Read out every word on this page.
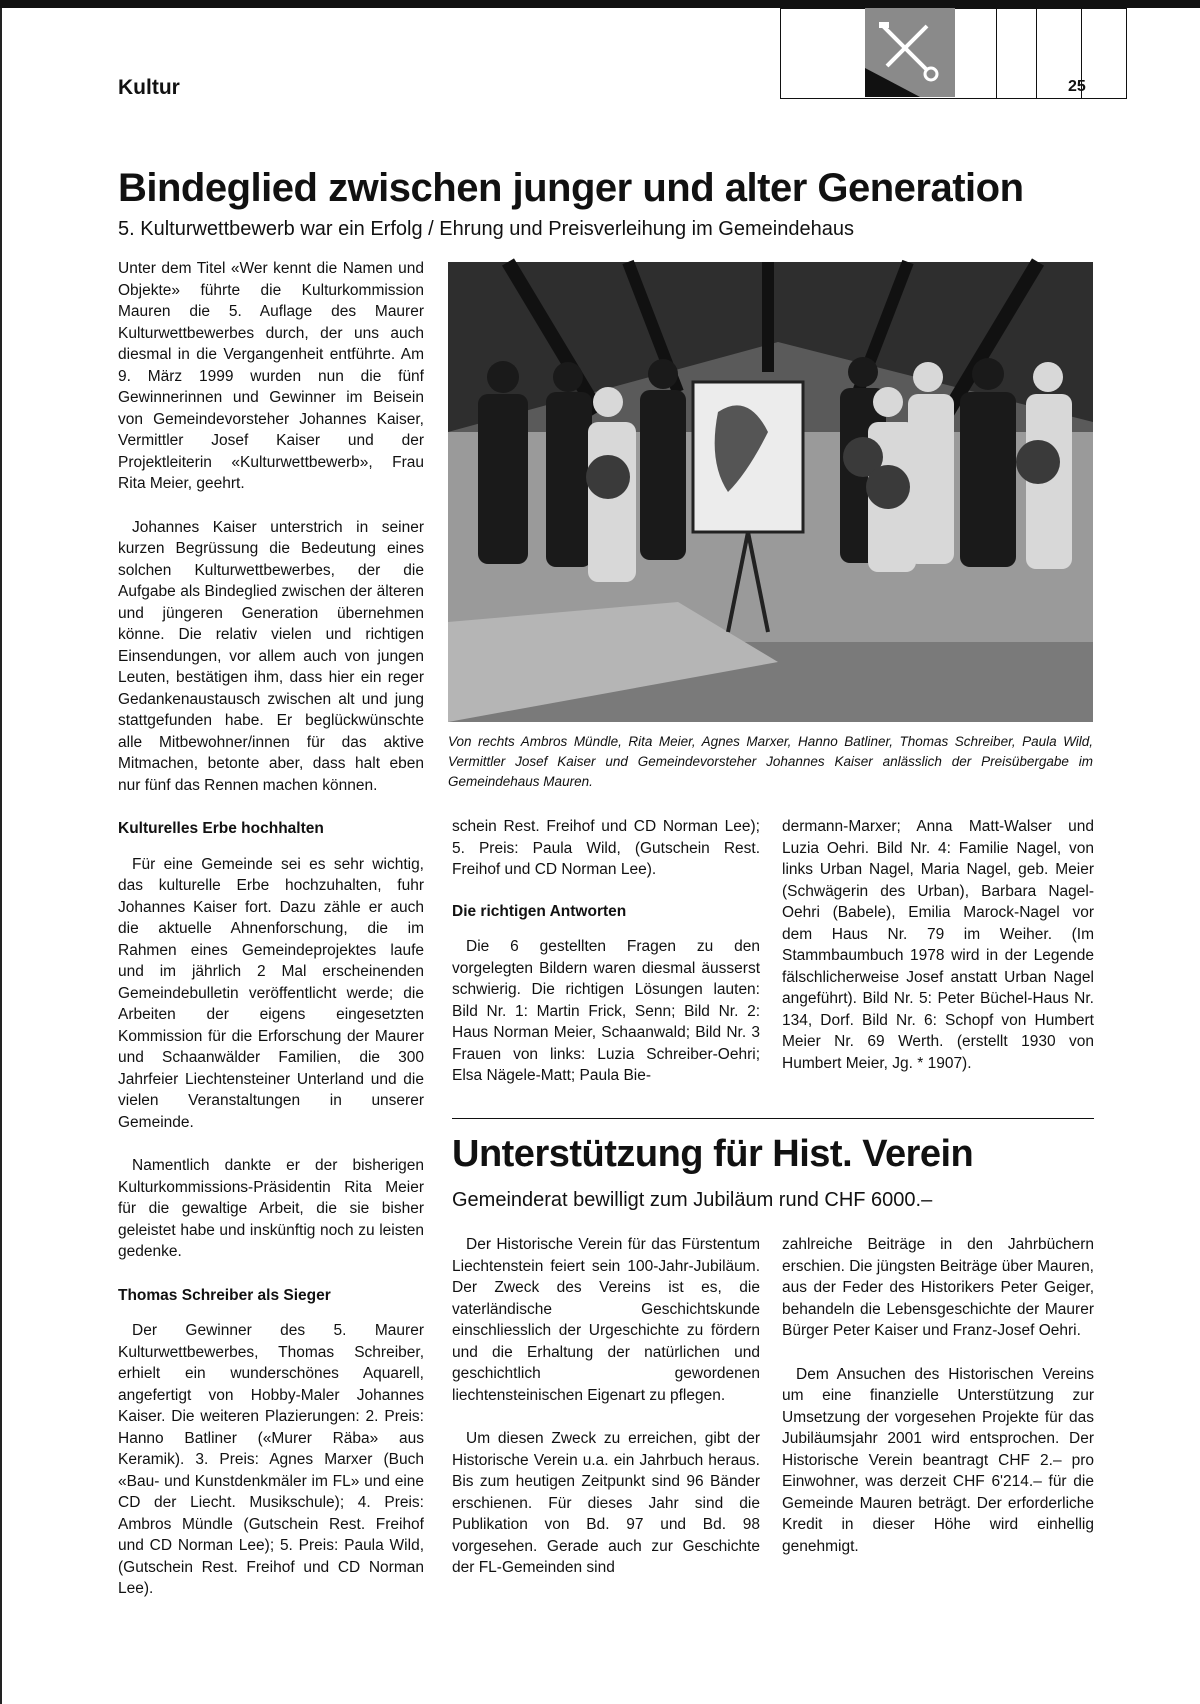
Kultur	25
Bindeglied zwischen junger und alter Generation
5. Kulturwettbewerb war ein Erfolg / Ehrung und Preisverleihung im Gemeindehaus

Unter dem Titel «Wer kennt die Namen und Objekte» führte die Kulturkommission Mauren die 5. Auflage des Maurer Kulturwettbewerbes durch, der uns auch diesmal in die Vergangenheit entführte. Am 9. März 1999 wurden nun die fünf Gewinnerinnen und Gewinner im Beisein von Gemeindevorsteher Johannes Kaiser, Vermittler Josef Kaiser und der Projektleiterin «Kulturwettbewerb», Frau Rita Meier, geehrt.

Johannes Kaiser unterstrich in seiner kurzen Begrüssung die Bedeutung eines solchen Kulturwettbewerbes, der die Aufgabe als Bindeglied zwischen der älteren und jüngeren Generation übernehmen könne. Die relativ vielen und richtigen Einsendungen, vor allem auch von jungen Leuten, bestätigen ihm, dass hier ein reger Gedankenaustausch zwischen alt und jung stattgefunden habe. Er beglückwünschte alle Mitbewohner/innen für das aktive Mitmachen, betonte aber, dass halt eben nur fünf das Rennen machen können.

Kulturelles Erbe hochhalten

Für eine Gemeinde sei es sehr wichtig, das kulturelle Erbe hochzuhalten, fuhr Johannes Kaiser fort. Dazu zähle er auch die aktuelle Ahnenforschung, die im Rahmen eines Gemeindeprojektes laufe und im jährlich 2 Mal erscheinenden Gemeindebulletin veröffentlicht werde; die Arbeiten der eigens eingesetzten Kommission für die Erforschung der Maurer und Schaanwälder Familien, die 300 Jahrfeier Liechtensteiner Unterland und die vielen Veranstaltungen in unserer Gemeinde.

Namentlich dankte er der bisherigen Kulturkommissions-Präsidentin Rita Meier für die gewaltige Arbeit, die sie bisher geleistet habe und inskünftig noch zu leisten gedenke.

Thomas Schreiber als Sieger

Der Gewinner des 5. Maurer Kulturwettbewerbes, Thomas Schreiber, erhielt ein wunderschönes Aquarell, angefertigt von Hobby-Maler Johannes Kaiser. Die weiteren Plazierungen: 2. Preis: Hanno Batliner («Murer Räba» aus Keramik). 3. Preis: Agnes Marxer (Buch «Bau- und Kunstdenkmäler im FL» und eine CD der Liecht. Musikschule); 4. Preis: Ambros Mündle (Gutschein Rest. Freihof und CD Norman Lee); 5. Preis: Paula Wild, (Gutschein Rest. Freihof und CD Norman Lee).

Von rechts Ambros Mündle, Rita Meier, Agnes Marxer, Hanno Batliner, Thomas Schreiber, Paula Wild, Vermittler Josef Kaiser und Gemeindevorsteher Johannes Kaiser anlässlich der Preisübergabe im Gemeindehaus Mauren.

schein Rest. Freihof und CD Norman Lee); 5. Preis: Paula Wild, (Gutschein Rest. Freihof und CD Norman Lee).

Die richtigen Antworten

Die 6 gestellten Fragen zu den vorgelegten Bildern waren diesmal äusserst schwierig. Die richtigen Lösungen lauten: Bild Nr. 1: Martin Frick, Senn; Bild Nr. 2: Haus Norman Meier, Schaanwald; Bild Nr. 3 Frauen von links: Luzia Schreiber-Oehri; Elsa Nägele-Matt; Paula Bie-

dermann-Marxer; Anna Matt-Walser und Luzia Oehri. Bild Nr. 4: Familie Nagel, von links Urban Nagel, Maria Nagel, geb. Meier (Schwägerin des Urban), Barbara Nagel-Oehri (Babele), Emilia Marock-Nagel vor dem Haus Nr. 79 im Weiher. (Im Stammbaumbuch 1978 wird in der Legende fälschlicherweise Josef anstatt Urban Nagel angeführt). Bild Nr. 5: Peter Büchel-Haus Nr. 134, Dorf. Bild Nr. 6: Schopf von Humbert Meier Nr. 69 Werth. (erstellt 1930 von Humbert Meier, Jg. * 1907).

Unterstützung für Hist. Verein
Gemeinderat bewilligt zum Jubiläum rund CHF 6000.–

Der Historische Verein für das Fürstentum Liechtenstein feiert sein 100-Jahr-Jubiläum. Der Zweck des Vereins ist es, die vaterländische Geschichtskunde einschliesslich der Urgeschichte zu fördern und die Erhaltung der natürlichen und geschichtlich gewordenen liechtensteinischen Eigenart zu pflegen.

Um diesen Zweck zu erreichen, gibt der Historische Verein u.a. ein Jahrbuch heraus. Bis zum heutigen Zeitpunkt sind 96 Bänder erschienen. Für dieses Jahr sind die Publikation von Bd. 97 und Bd. 98 vorgesehen. Gerade auch zur Geschichte der FL-Gemeinden sind

zahlreiche Beiträge in den Jahrbüchern erschien. Die jüngsten Beiträge über Mauren, aus der Feder des Historikers Peter Geiger, behandeln die Lebensgeschichte der Maurer Bürger Peter Kaiser und Franz-Josef Oehri.

Dem Ansuchen des Historischen Vereins um eine finanzielle Unterstützung zur Umsetzung der vorgesehen Projekte für das Jubiläumsjahr 2001 wird entsprochen. Der Historische Verein beantragt CHF 2.– pro Einwohner, was derzeit CHF 6'214.– für die Gemeinde Mauren beträgt. Der erforderliche Kredit in dieser Höhe wird einhellig genehmigt.
